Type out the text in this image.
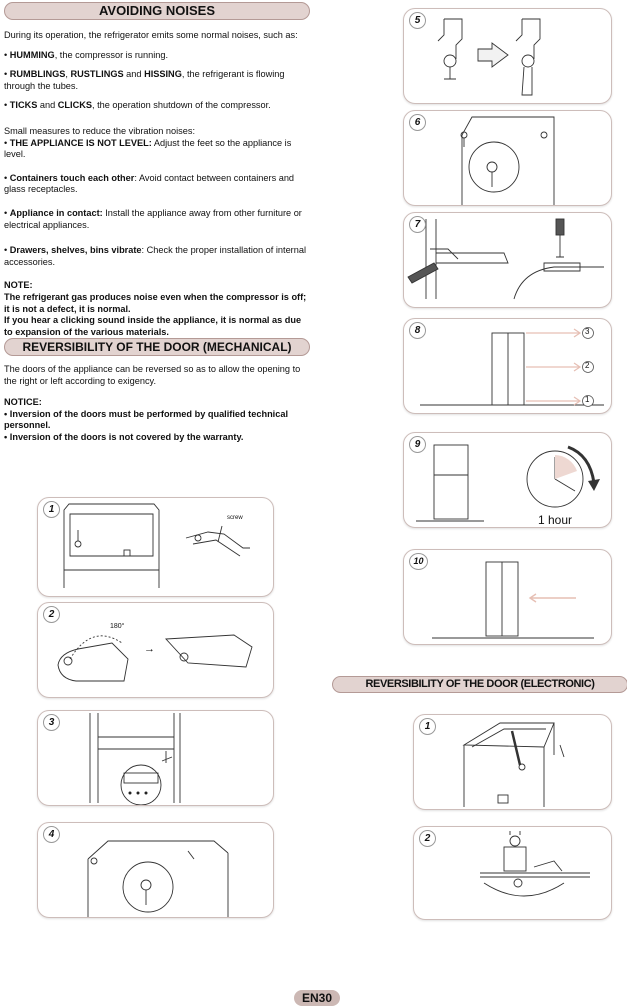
AVOIDING NOISES

During its operation, the refrigerator emits some normal noises, such as:

• HUMMING, the compressor is running.

• RUMBLINGS, RUSTLINGS and HISSING, the refrigerant is flowing through the tubes.

• TICKS and CLICKS, the operation shutdown of the compressor.

Small measures to reduce the vibration noises:

• THE APPLIANCE IS NOT LEVEL: Adjust the feet so the appliance is level.

• Containers touch each other: Avoid contact between containers and glass receptacles.

• Appliance in contact: Install the appliance away from other furniture or electrical appliances.

• Drawers, shelves, bins vibrate: Check the proper installation of internal accessories.

NOTE:
The refrigerant gas produces noise even when the compressor is off; it is not a defect, it is normal.
If you hear a clicking sound inside the appliance, it is normal as due to expansion of the various materials.

REVERSIBILITY OF THE DOOR (MECHANICAL)

The doors of the appliance can be reversed so as to allow the opening to the right or left according to exigency.

NOTICE:
• Inversion of the doors must be performed by qualified technical personnel.
• Inversion of the doors is not covered by the warranty.

1
screw
2
180°
→
3
4
5
6
7
8	3
2
1
9
1 hour
10
REVERSIBILITY OF THE DOOR (ELECTRONIC)
1
2
EN30
